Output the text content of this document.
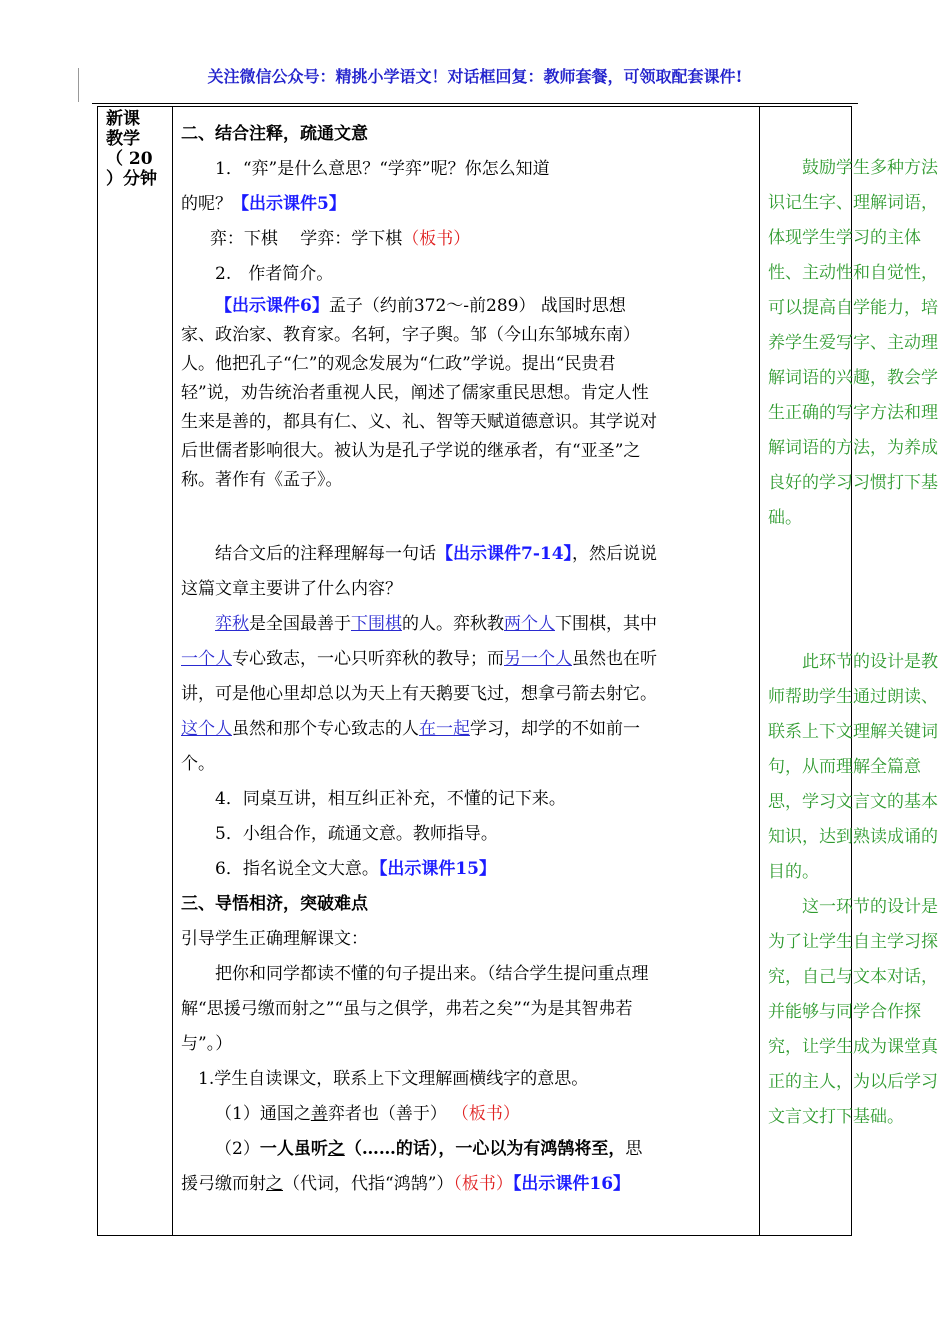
关注微信公众号：精挑小学语文！对话框回复：教师套餐，可领取配套课件!
新课
教学
（ 20
）分钟

二、结合注释，疏通文意

1．“弈”是什么意思？“学弈”呢？你怎么知道

的呢？【出示课件5】

弈：下棋　 学弈：学下棋（板书）

2.　作者简介。

【出示课件6】孟子（约前372～-前289） 战国时思想家、政治家、教育家。名轲，字子舆。邹（今山东邹城东南）人。他把孔子“仁”的观念发展为“仁政”学说。提出“民贵君轻”说，劝告统治者重视人民，阐述了儒家重民思想。肯定人性生来是善的，都具有仁、义、礼、智等天赋道德意识。其学说对后世儒者影响很大。被认为是孔子学说的继承者，有“亚圣”之称。著作有《孟子》。

结合文后的注释理解每一句话【出示课件7-14】，然后说说这篇文章主要讲了什么内容？

弈秋是全国最善于下围棋的人。弈秋教两个人下围棋，其中一个人专心致志，一心只听弈秋的教导；而另一个人虽然也在听讲，可是他心里却总以为天上有天鹅要飞过，想拿弓箭去射它。这个人虽然和那个专心致志的人在一起学习，却学的不如前一个。

4．同桌互讲，相互纠正补充，不懂的记下来。

5．小组合作，疏通文意。教师指导。

6．指名说全文大意。【出示课件15】

三、导悟相济，突破难点

引导学生正确理解课文：

把你和同学都读不懂的句子提出来。（结合学生提问重点理解“思援弓缴而射之”“虽与之俱学，弗若之矣”“为是其智弗若与”。）

1.学生自读课文，联系上下文理解画横线字的意思。

（1）通国之善弈者也（善于） （板书）

（2）一人虽听之（……的话），一心以为有鸿鹄将至，思援弓缴而射之（代词，代指“鸿鹄”）（板书）【出示课件16】

鼓励学生多种方法识记生字、理解词语，体现学生学习的主体性、主动性和自觉性，可以提高自学能力，培养学生爱写字、主动理解词语的兴趣，教会学生正确的写字方法和理解词语的方法，为养成良好的学习习惯打下基础。

此环节的设计是教师帮助学生通过朗读、联系上下文理解关键词句，从而理解全篇意思，学习文言文的基本知识，达到熟读成诵的目的。

这一环节的设计是为了让学生自主学习探究，自己与文本对话，并能够与同学合作探究，让学生成为课堂真正的主人，为以后学习文言文打下基础。
